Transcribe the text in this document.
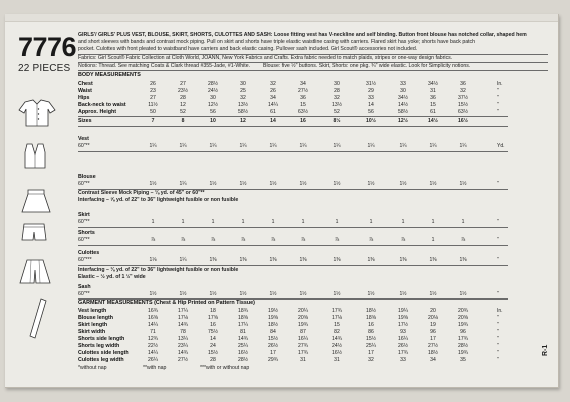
7776
22 PIECES
GIRLS'/ GIRLS' PLUS VEST, BLOUSE, SKIRT, SHORTS, CULOTTES AND SASH: Loose fitting vest has V-neckline and self binding. Button front blouse has notched collar, shaped hem
and short sleeves with bands and contrast mock piping. Pull on skirt and shorts have triple elastic waistline casing with carriers. Flared skirt has yoke; shorts have back patch
pocket. Culottes with front pleated to waistband have carriers and back elastic casing. Pullover sash included. Girl Scout® accessories not included.
Fabrics: Girl Scout® Fabric Collection at Cloth World, JOANN, New York Fabrics and Crafts. Extra fabric needed to match plaids, stripes or one-way design fabrics.
Notions: Thread. See matching Coats & Clark thread #355-Jade, #1-White. Blouse: five ½" buttons. Skirt, Shorts: one pkg. ¾" wide elastic. Look for Simplicity notions.
BODY MEASUREMENTS
Chest	26	27	28½	30	32	34	30	31½	33	34½	36	In.
Waist	23	23½	24½	25	26	27½	28	29	30	31	32	"
Hips	27	28	30	32	34	36	32	33	34½	36	37½	"
Back-neck to waist	11½	12	12½	13½	14¼	15	13½	14	14½	15	15½	"
Approx. Height	50	52	56	58½	61	63½	52	56	58½	61	63½	"
Sizes	7	8	10	12	14	16	8½	10½	12½	14½	16½
Vest
60"**	1¼	1¼	1¼	1¼	1¼	1¼	1¼	1¼	1¼	1¼	1¼	Yd.
Blouse
60"**	1½	1¼	1½	1½	1½	1½	1½	1½	1½	1½	1½	"
Contrast Sleeve Mock Piping – ⅛ yd. of 45" or 60"**
Interfacing – ⅝ yd. of 22" to 36" lightweight fusible or non fusible
Skirt
60"**	1	1	1	1	1	1	1	1	1	1	1	"
Shorts
60"**	⅞	⅞	⅞	⅞	⅞	⅞	⅞	⅞	⅞	1	⅞	"
Culottes
60"***	1⅛	1¼	1⅜	1⅜	1⅜	1⅜	1⅜	1⅜	1⅜	1⅜	1⅜	"
Interfacing – ⅛ yd. of 22" to 36" lightweight fusible or non fusible
Elastic – ½ yd. of 1 ½" wide
Sash
60"**	1½	1½	1½	1½	1½	1½	1½	1½	1½	1½	1½	"
GARMENT MEASUREMENTS (Chest & Hip Printed on Pattern Tissue)
Vest length	16¾	17¼	18	18¾	19½	20¼	17¾	18½	19¼	20	20¾	In.
Blouse length	16⅝	17⅛	17⅝	18⅝	19⅝	20⅝	17⅛	18⅝	19⅝	20⅛	20⅝	"
Skirt length	14¼	14¾	16	17¼	18½	19¾	15	16	17½	19	19¾	"
Skirt width	71	78	75½	81	84	87	82	86	93	96	96	"
Shorts side length	12¾	13¼	14	14¾	15½	16¼	14¾	15½	16¼	17	17¾	"
Shorts leg width	22½	23¼	24	25¼	26½	27¾	24½	25¼	26½	27½	28½	"
Culottes side length	14¼	14¾	15½	16½	17	17¾	16½	17	17¾	18½	19¾	"
Culottes leg width	26¼	27½	28	28½	29¾	31	31	32	33	34	35	"
*without nap	**with nap	***with or without nap
R-1
